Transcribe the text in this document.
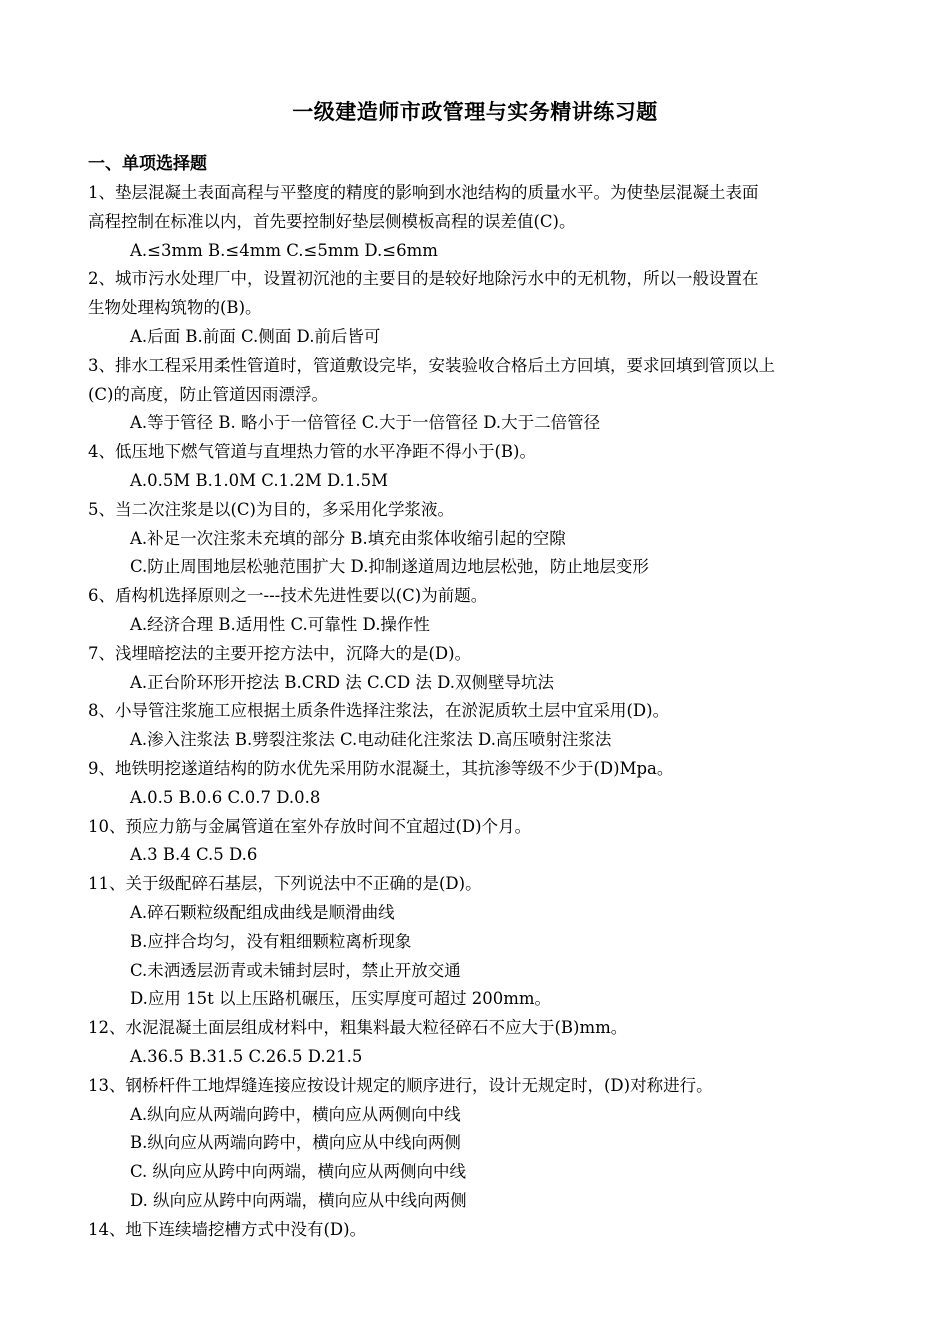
一级建造师市政管理与实务精讲练习题
一、单项选择题

1、垫层混凝土表面高程与平整度的精度的影响到水池结构的质量水平。为使垫层混凝土表面

高程控制在标准以内，首先要控制好垫层侧模板高程的误差值(C)。

A.≤3mm B.≤4mm C.≤5mm D.≤6mm

2、城市污水处理厂中，设置初沉池的主要目的是较好地除污水中的无机物，所以一般设置在

生物处理构筑物的(B)。

A.后面 B.前面 C.侧面 D.前后皆可

3、排水工程采用柔性管道时，管道敷设完毕，安装验收合格后土方回填，要求回填到管顶以上

(C)的高度，防止管道因雨漂浮。

A.等于管径 B. 略小于一倍管径 C.大于一倍管径 D.大于二倍管径

4、低压地下燃气管道与直埋热力管的水平净距不得小于(B)。

A.0.5M B.1.0M C.1.2M D.1.5M

5、当二次注浆是以(C)为目的，多采用化学浆液。

A.补足一次注浆未充填的部分 B.填充由浆体收缩引起的空隙

C.防止周围地层松驰范围扩大 D.抑制遂道周边地层松弛，防止地层变形

6、盾构机选择原则之一---技术先进性要以(C)为前题。

A.经济合理 B.适用性 C.可靠性 D.操作性

7、浅埋暗挖法的主要开挖方法中，沉降大的是(D)。

A.正台阶环形开挖法 B.CRD 法 C.CD 法 D.双侧壁导坑法

8、小导管注浆施工应根据土质条件选择注浆法，在淤泥质软土层中宜采用(D)。

A.渗入注浆法 B.劈裂注浆法 C.电动硅化注浆法 D.高压喷射注浆法

9、地铁明挖遂道结构的防水优先采用防水混凝土，其抗渗等级不少于(D)Mpa。

A.0.5 B.0.6 C.0.7 D.0.8

10、预应力筋与金属管道在室外存放时间不宜超过(D)个月。

A.3 B.4 C.5 D.6

11、关于级配碎石基层，下列说法中不正确的是(D)。

A.碎石颗粒级配组成曲线是顺滑曲线

B.应拌合均匀，没有粗细颗粒离析现象

C.未洒透层沥青或未铺封层时，禁止开放交通

D.应用 15t 以上压路机碾压，压实厚度可超过 200mm。

12、水泥混凝土面层组成材料中，粗集料最大粒径碎石不应大于(B)mm。

A.36.5 B.31.5 C.26.5 D.21.5

13、钢桥杆件工地焊缝连接应按设计规定的顺序进行，设计无规定时，(D)对称进行。

A.纵向应从两端向跨中，横向应从两侧向中线

B.纵向应从两端向跨中，横向应从中线向两侧

C. 纵向应从跨中向两端，横向应从两侧向中线

D. 纵向应从跨中向两端，横向应从中线向两侧

14、地下连续墙挖槽方式中没有(D)。
